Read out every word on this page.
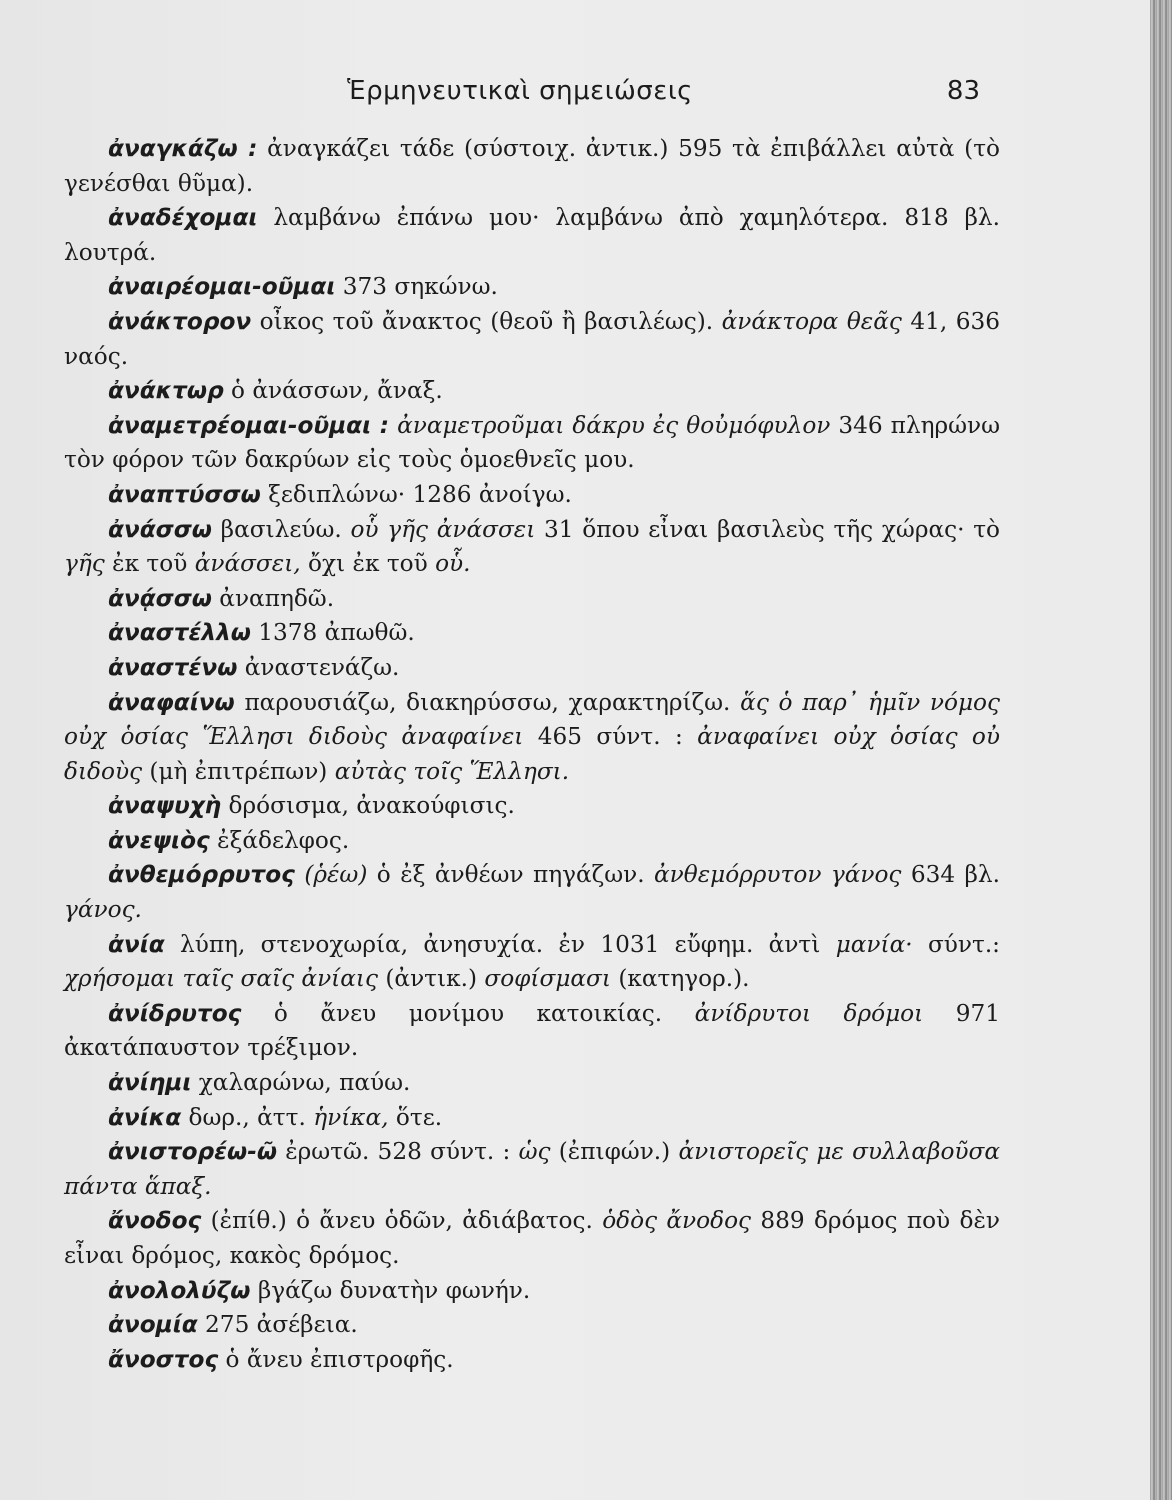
Ἑρμηνευτικαὶ σημειώσεις	83

ἀναγκάζω : ἀναγκάζει τάδε (σύστοιχ. ἀντικ.) 595 τὰ ἐπιβάλλει αὐτὰ (τὸ γενέσθαι θῦμα).

ἀναδέχομαι λαμβάνω ἐπάνω μου· λαμβάνω ἀπὸ χαμηλότερα. 818 βλ. λουτρά.

ἀναιρέομαι-οῦμαι 373 σηκώνω.

ἀνάκτορον οἶκος τοῦ ἄνακτος (θεοῦ ἢ βασιλέως). ἀνάκτορα θεᾶς 41, 636 ναός.

ἀνάκτωρ ὁ ἀνάσσων, ἄναξ.

ἀναμετρέομαι-οῦμαι : ἀναμετροῦμαι δάκρυ ἐς θοὐμόφυλον 346 πληρώνω τὸν φόρον τῶν δακρύων εἰς τοὺς ὁμοεθνεῖς μου.

ἀναπτύσσω ξεδιπλώνω· 1286 ἀνοίγω.

ἀνάσσω βασιλεύω. οὗ γῆς ἀνάσσει 31 ὅπου εἶναι βασιλεὺς τῆς χώρας· τὸ γῆς ἐκ τοῦ ἀνάσσει, ὄχι ἐκ τοῦ οὗ.

ἀνᾴσσω ἀναπηδῶ.

ἀναστέλλω 1378 ἀπωθῶ.

ἀναστένω ἀναστενάζω.

ἀναφαίνω παρουσιάζω, διακηρύσσω, χαρακτηρίζω. ἅς ὁ παρ᾽ ἡμῖν νόμος οὐχ ὁσίας Ἕλλησι διδοὺς ἀναφαίνει 465 σύντ. : ἀναφαίνει οὐχ ὁσίας οὐ διδοὺς (μὴ ἐπιτρέπων) αὐτὰς τοῖς Ἕλλησι.

ἀναψυχὴ δρόσισμα, ἀνακούφισις.

ἀνεψιὸς ἐξάδελφος.

ἀνθεμόρρυτος (ῥέω) ὁ ἐξ ἀνθέων πηγάζων. ἀνθεμόρρυτον γάνος 634 βλ. γάνος.

ἀνία λύπη, στενοχωρία, ἀνησυχία. ἐν 1031 εὔφημ. ἀντὶ μανία· σύντ.: χρήσομαι ταῖς σαῖς ἀνίαις (ἀντικ.) σοφίσμασι (κατηγορ.).

ἀνίδρυτος ὁ ἄνευ μονίμου κατοικίας. ἀνίδρυτοι δρόμοι 971 ἀκατάπαυστον τρέξιμον.

ἀνίημι χαλαρώνω, παύω.

ἀνίκα δωρ., ἀττ. ἡνίκα, ὅτε.

ἀνιστορέω-ῶ ἐρωτῶ. 528 σύντ. : ὡς (ἐπιφών.) ἀνιστορεῖς με συλλαβοῦσα πάντα ἅπαξ.

ἄνοδος (ἐπίθ.) ὁ ἄνευ ὁδῶν, ἀδιάβατος. ὁδὸς ἄνοδος 889 δρόμος ποὺ δὲν εἶναι δρόμος, κακὸς δρόμος.

ἀνολολύζω βγάζω δυνατὴν φωνήν.

ἀνομία 275 ἀσέβεια.

ἄνοστος ὁ ἄνευ ἐπιστροφῆς.
